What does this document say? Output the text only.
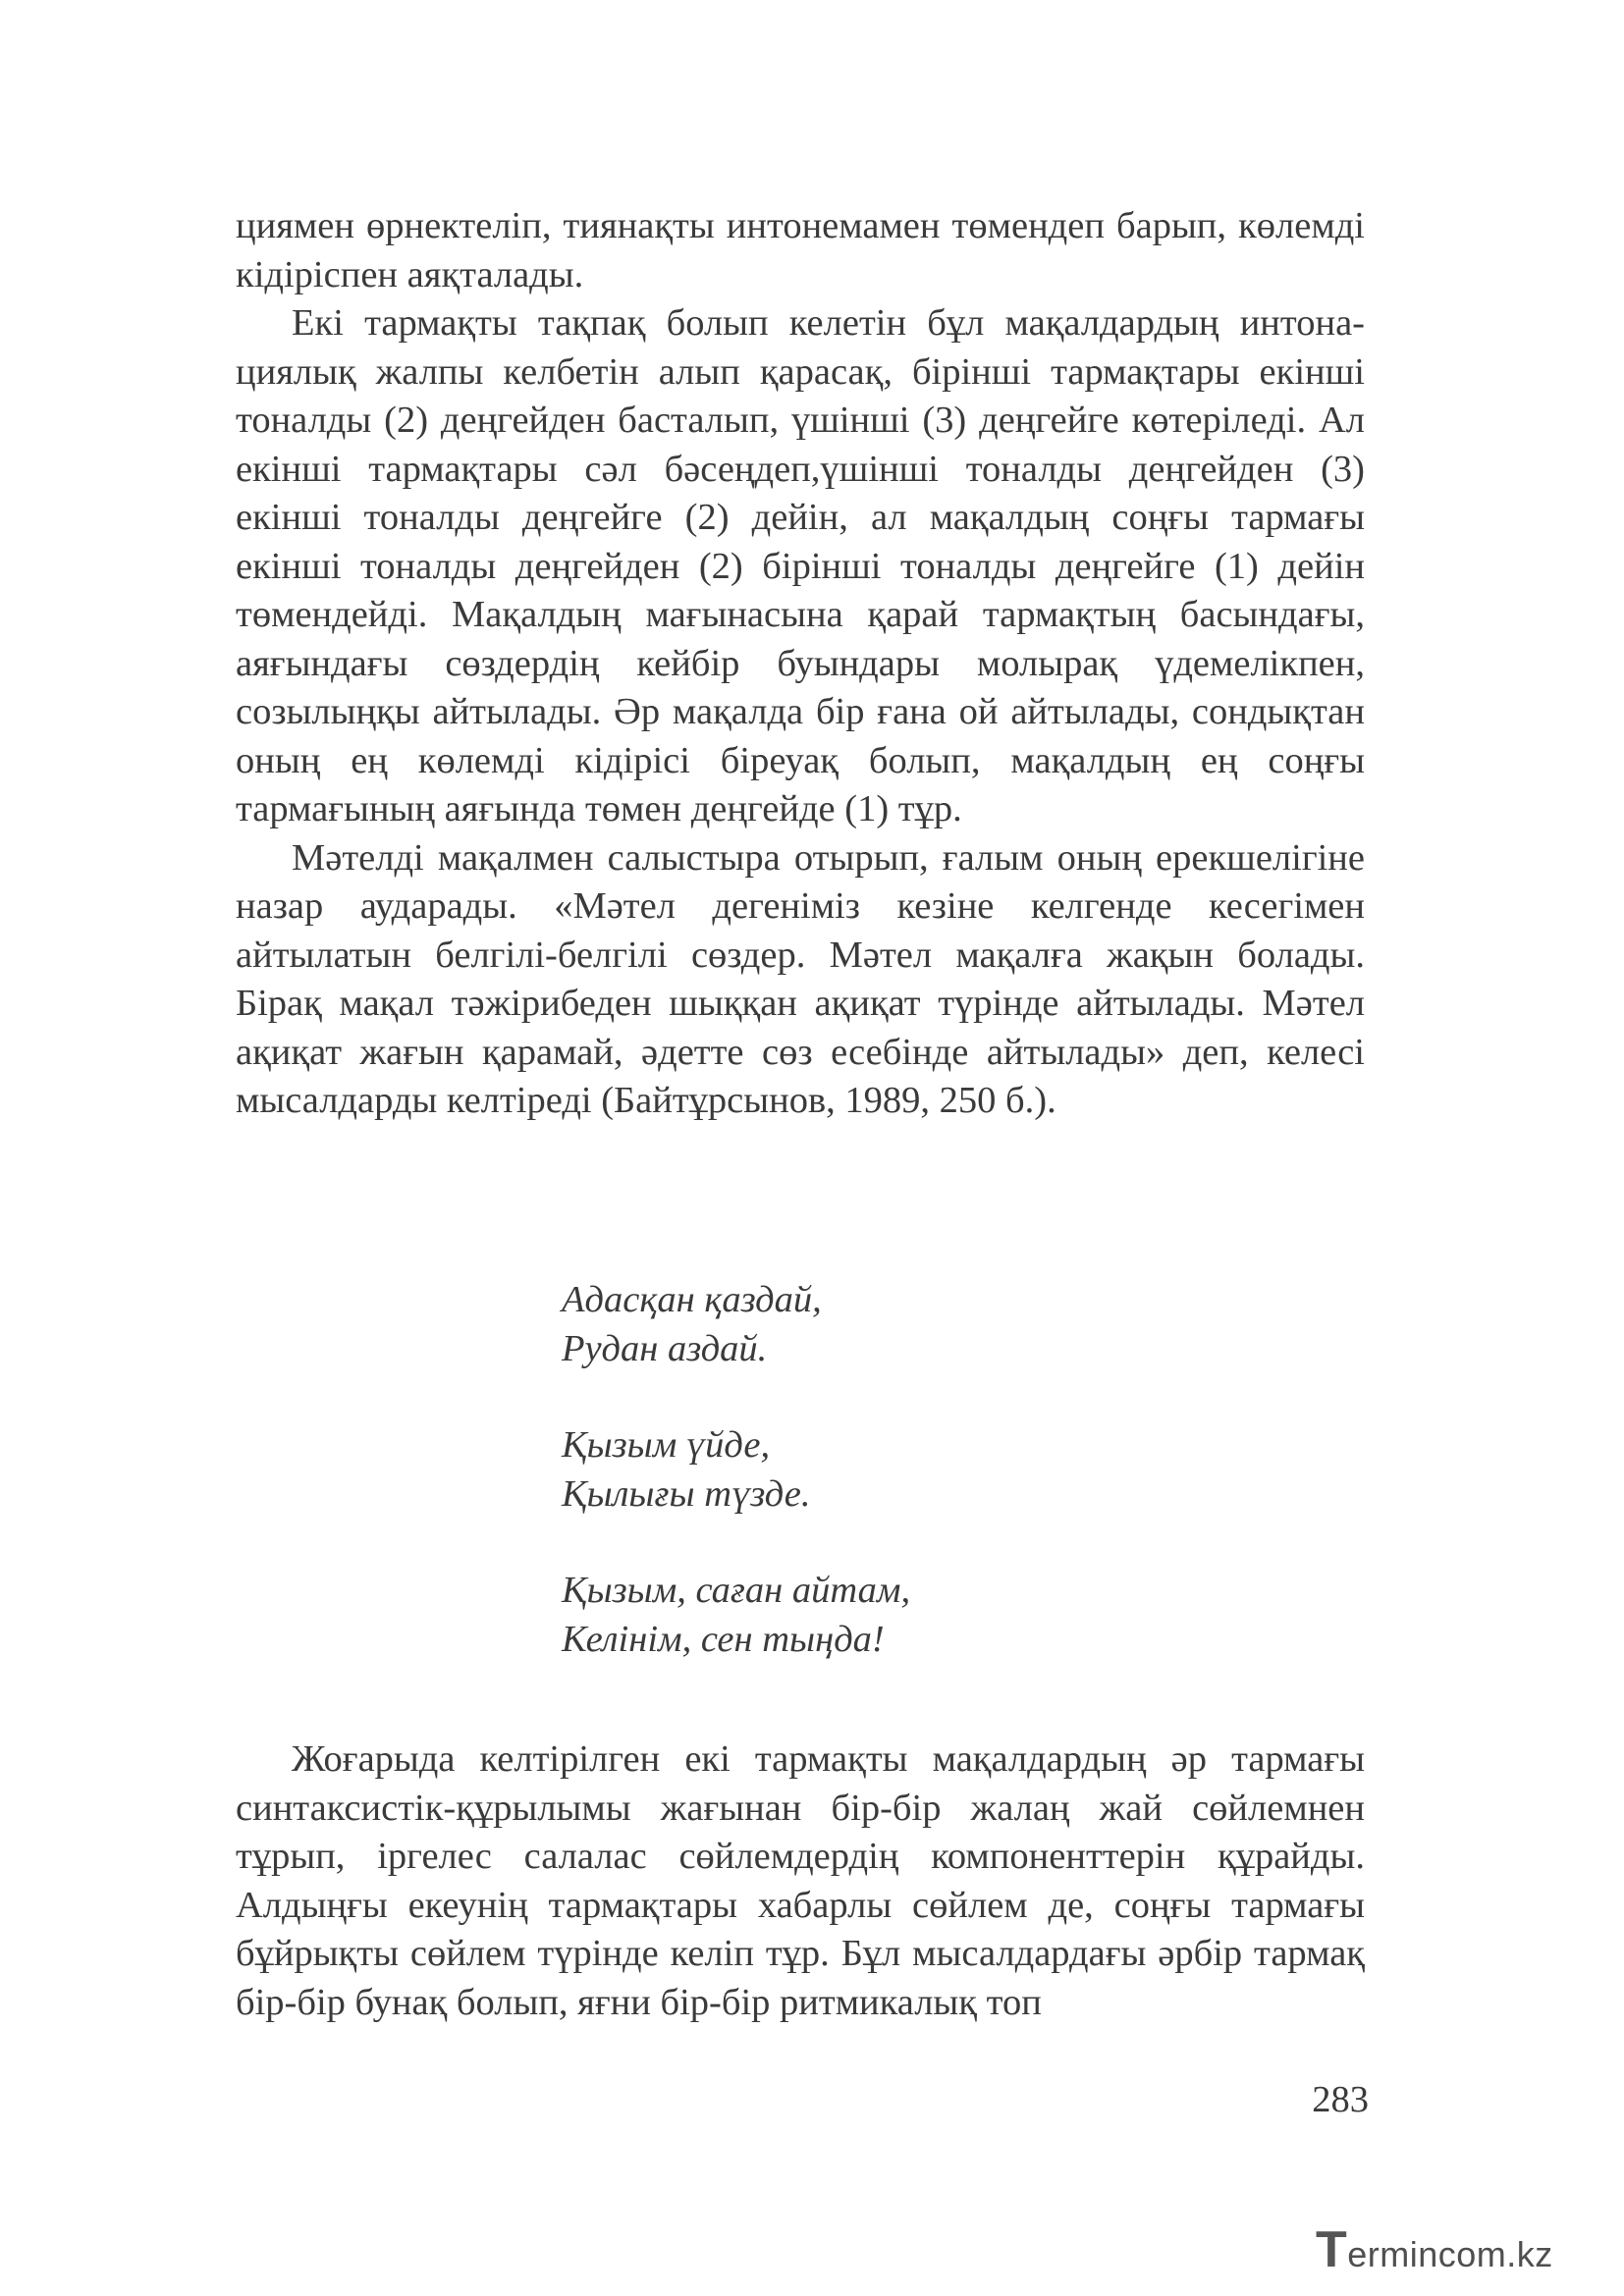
циямен өрнектеліп, тиянақты интонемамен төмендеп барып, көлемді кідіріспен аяқталады.

Екі тармақты тақпақ болып келетін бұл мақалдардың интонациялық жалпы келбетін алып қарасақ, бірінші тармақтары екінші тоналды (2) деңгейден басталып, үшінші (3) деңгейге көтеріледі. Ал екінші тармақтары сәл бәсеңдеп,үшінші тоналды деңгейден (3) екінші тоналды деңгейге (2) дейін, ал мақалдың соңғы тармағы екінші тоналды деңгейден (2) бірінші тоналды деңгейге (1) дейін төмендейді. Мақалдың мағынасына қарай тармақтың басындағы, аяғындағы сөздердің кейбір буындары молырақ үдемелікпен, созылыңқы айтылады. Әр мақалда бір ғана ой айтылады, сондықтан оның ең көлемді кідірісі біреуақ болып, мақалдың ең соңғы тармағының аяғында төмен деңгейде (1) тұр.

Мәтелді мақалмен салыстыра отырып, ғалым оның ерекшелігіне назар аударады. «Мәтел дегеніміз кезіне келгенде кесегімен айтылатын белгілі-белгілі сөздер. Мәтел мақалға жақын болады. Бірақ мақал тәжірибеден шыққан ақиқат түрінде айтылады. Мәтел ақиқат жағын қарамай, әдетте сөз есебінде айтылады» деп, келесі мысалдарды келтіреді (Байтұрсынов, 1989, 250 б.).

Адасқан қаздай,
Рудан аздай.
Қызым үйде,
Қылығы түзде.
Қызым, саған айтам,
Келінім, сен тыңда!

Жоғарыда келтірілген екі тармақты мақалдардың әр тармағы синтаксистік-құрылымы жағынан бір-бір жалаң жай сөйлемнен тұрып, іргелес салалас сөйлемдердің компоненттерін құрайды. Алдыңғы екеунің тармақтары хабарлы сөйлем де, соңғы тармағы бұйрықты сөйлем түрінде келіп тұр. Бұл мысалдардағы әрбір тармақ бір-бір бунақ болып, яғни бір-бір ритмикалық топ

283
Termincom.kz
